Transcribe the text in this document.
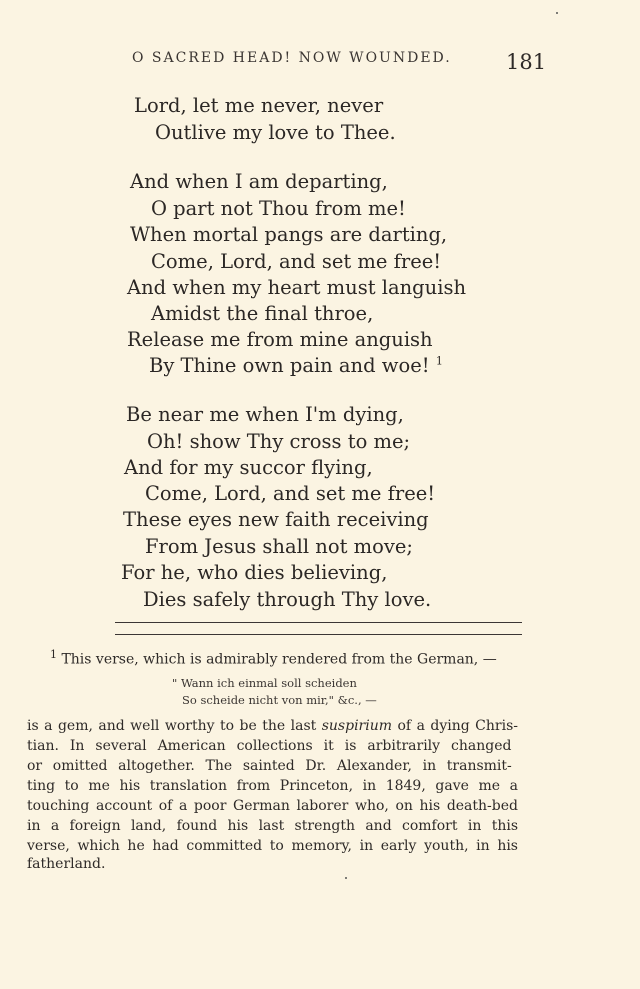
O SACRED HEAD! NOW WOUNDED.	181
Lord, let me never, never
Outlive my love to Thee.
And when I am departing,
O part not Thou from me!
When mortal pangs are darting,
Come, Lord, and set me free!
And when my heart must languish
Amidst the final throe,
Release me from mine anguish
By Thine own pain and woe! $^1$
Be near me when I'm dying,
Oh! show Thy cross to me;
And for my succor flying,
Come, Lord, and set me free!
These eyes new faith receiving
From Jesus shall not move;
For he, who dies believing,
Dies safely through Thy love.
$^1$ This verse, which is admirably rendered from the German, —
" Wann ich einmal soll scheiden
So scheide nicht von mir," &c., —
is a gem, and well worthy to be the last suspirium of a dying Chris-
tian. In several American collections it is arbitrarily changed
or omitted altogether. The sainted Dr. Alexander, in transmit-
ting to me his translation from Princeton, in 1849, gave me a
touching account of a poor German laborer who, on his death-bed
in a foreign land, found his last strength and comfort in this
verse, which he had committed to memory, in early youth, in his
fatherland.
